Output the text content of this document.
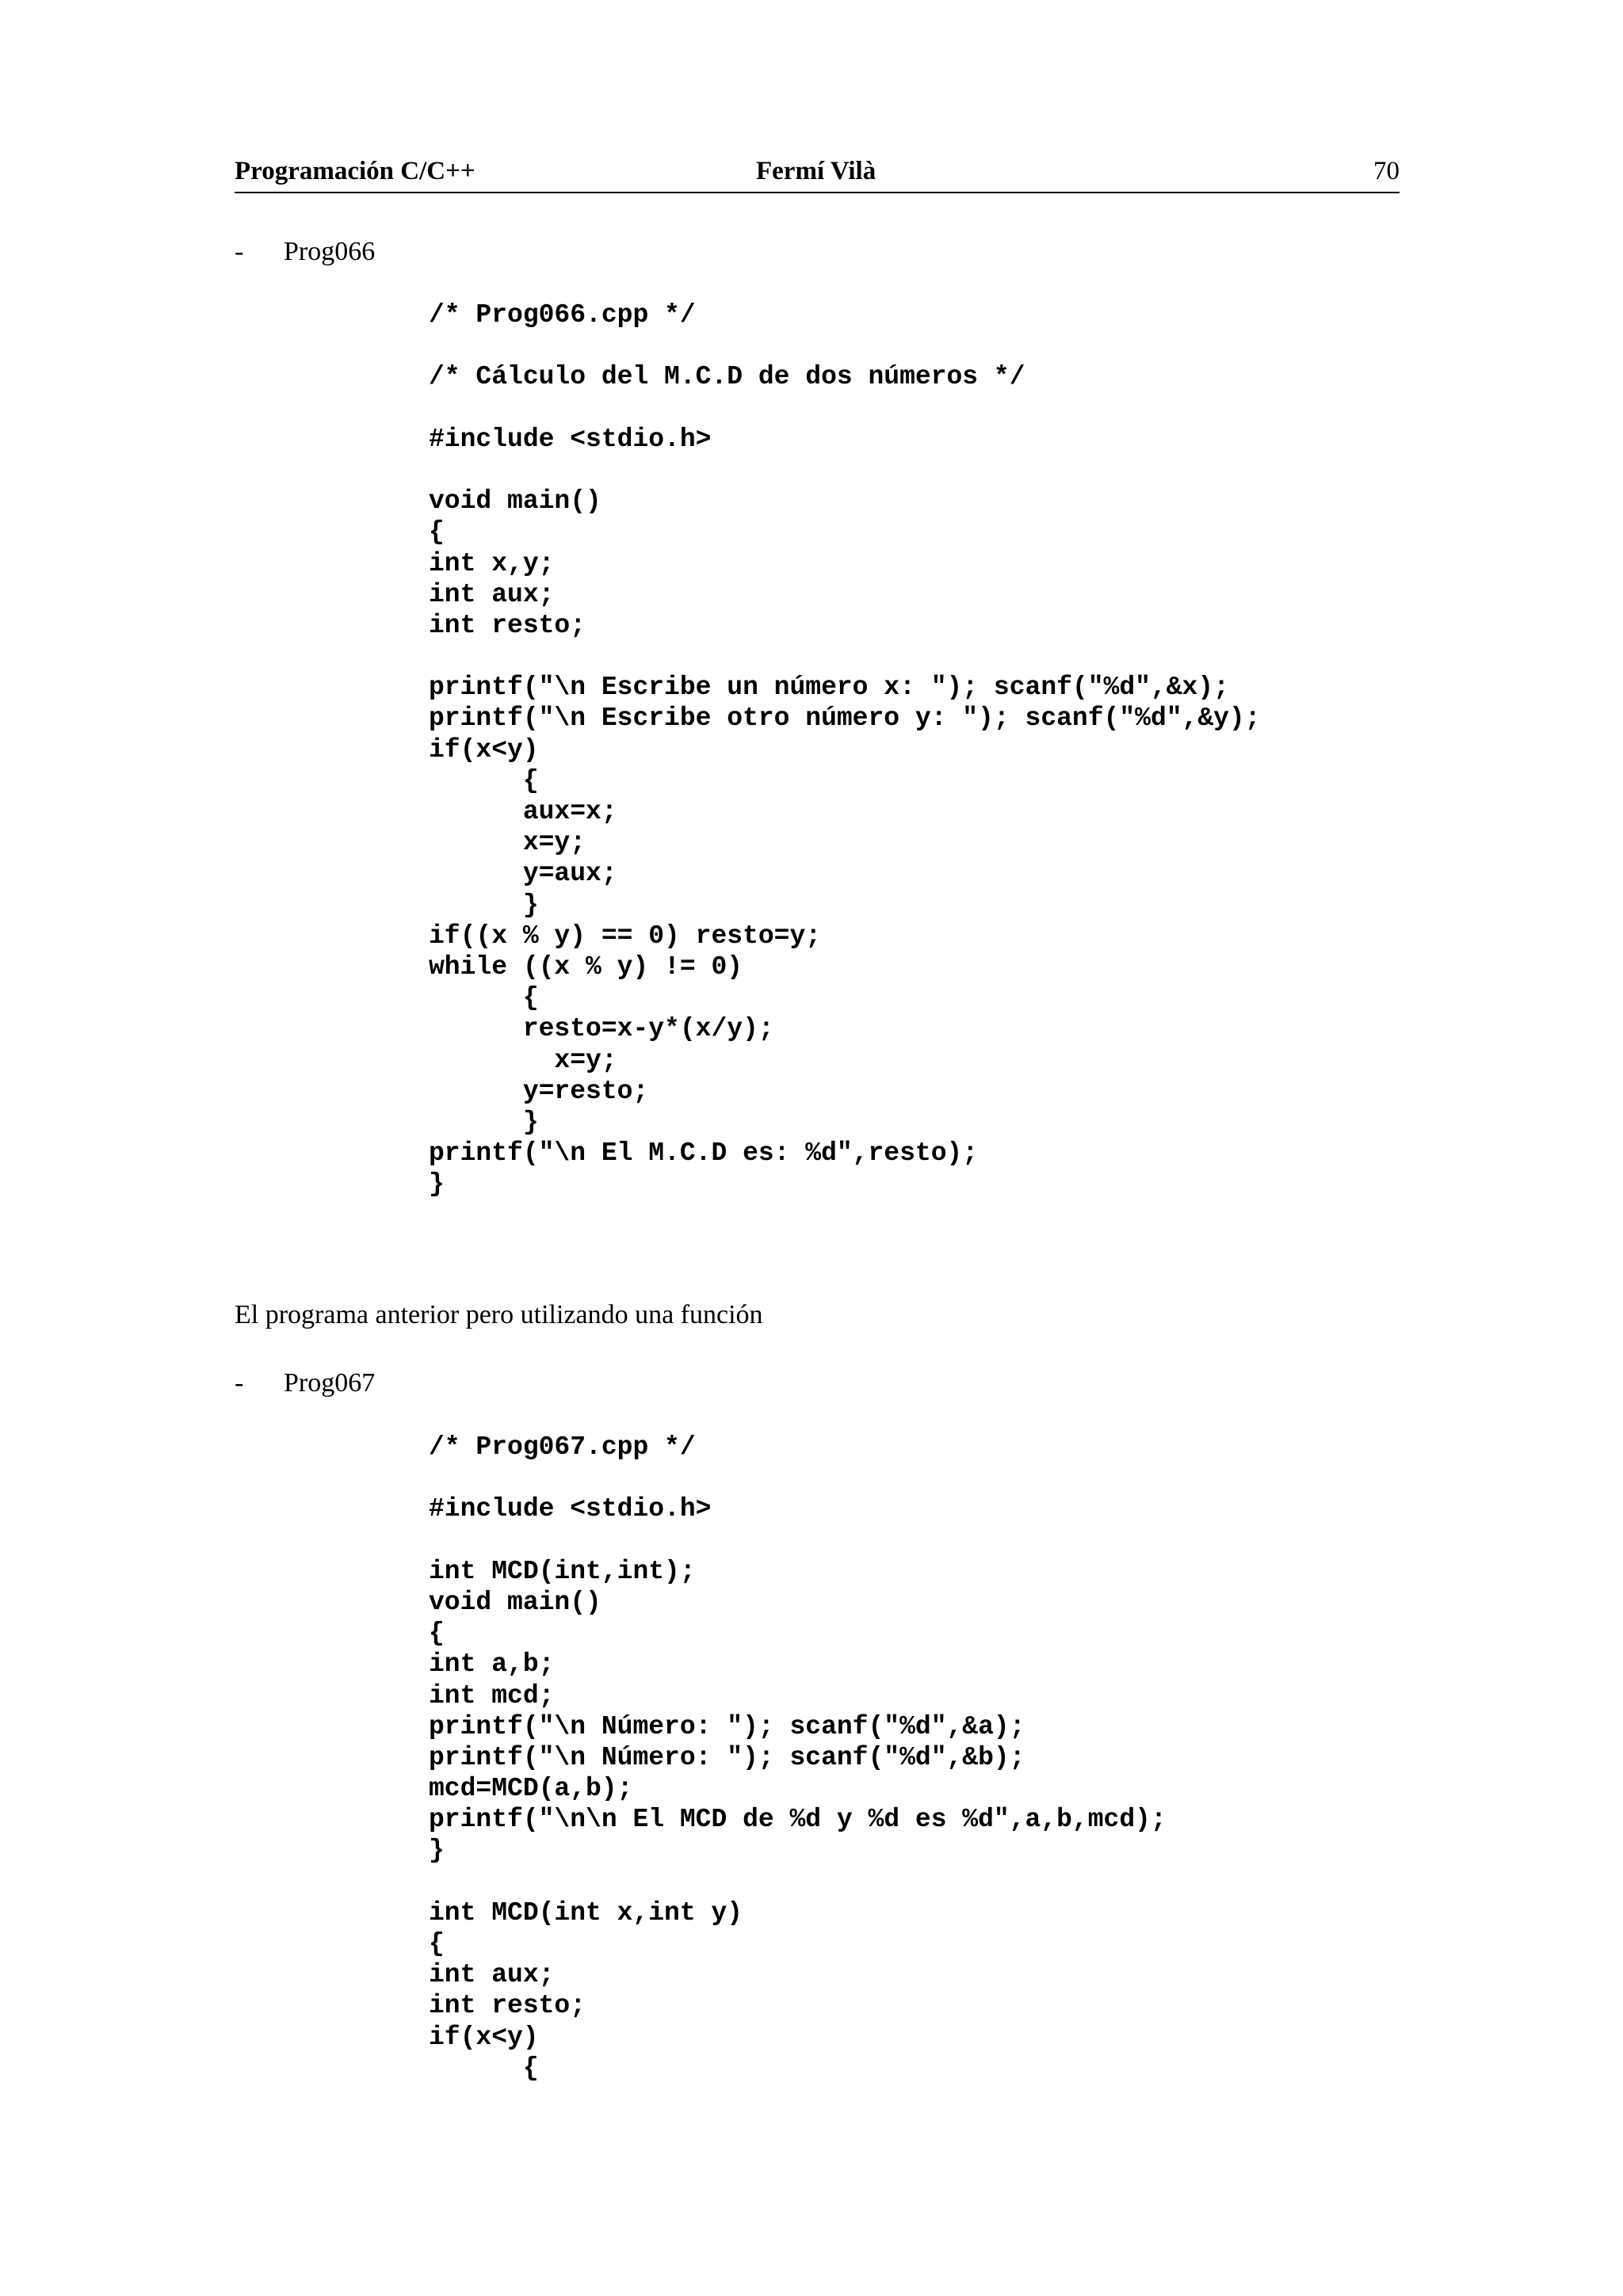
Programación C/C++	Fermí Vilà	70
- Prog066
/* Prog066.cpp */
/* Cálculo del M.C.D de dos números */
#include <stdio.h>
void main()
{
int x,y;
int aux;
int resto;
printf("\n Escribe un número x: "); scanf("%d",&x);
printf("\n Escribe otro número y: "); scanf("%d",&y);
if(x<y)
{
aux=x;
x=y;
y=aux;
}
if((x % y) == 0) resto=y;
while ((x % y) != 0)
{
resto=x-y*(x/y);
x=y;
y=resto;
}
printf("\n El M.C.D es: %d",resto);
}
El programa anterior pero utilizando una función
- Prog067
/* Prog067.cpp */
#include <stdio.h>
int MCD(int,int);
void main()
{
int a,b;
int mcd;
printf("\n Número: "); scanf("%d",&a);
printf("\n Número: "); scanf("%d",&b);
mcd=MCD(a,b);
printf("\n\n El MCD de %d y %d es %d",a,b,mcd);
}
int MCD(int x,int y)
{
int aux;
int resto;
if(x<y)
{
